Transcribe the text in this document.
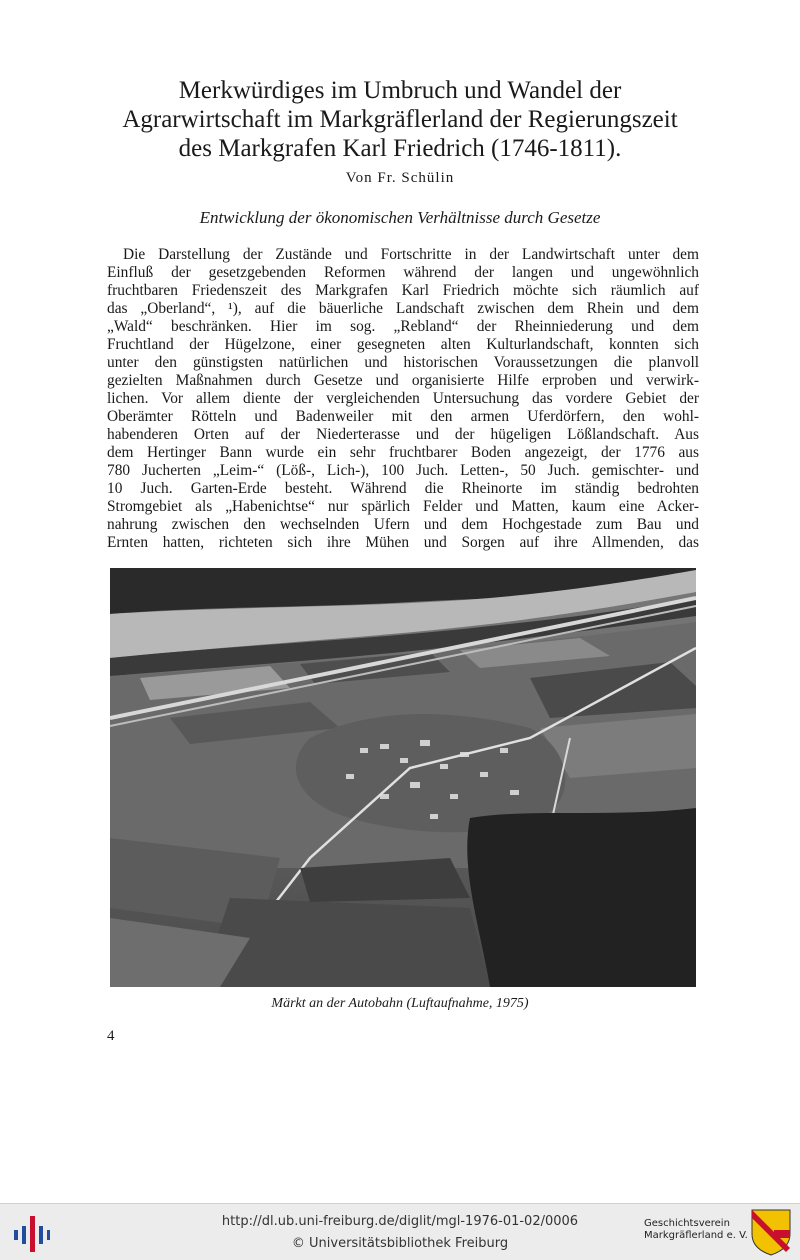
Merkwürdiges im Umbruch und Wandel der
Agrarwirtschaft im Markgräflerland der Regierungszeit
des Markgrafen Karl Friedrich (1746-1811).
Von Fr. Schülin
Entwicklung der ökonomischen Verhältnisse durch Gesetze
Die Darstellung der Zustände und Fortschritte in der Landwirtschaft unter dem
Einfluß der gesetzgebenden Reformen während der langen und ungewöhnlich
fruchtbaren Friedenszeit des Markgrafen Karl Friedrich möchte sich räumlich auf
das „Oberland“, ¹), auf die bäuerliche Landschaft zwischen dem Rhein und dem
„Wald“ beschränken. Hier im sog. „Rebland“ der Rheinniederung und dem
Fruchtland der Hügelzone, einer gesegneten alten Kulturlandschaft, konnten sich
unter den günstigsten natürlichen und historischen Voraussetzungen die planvoll
gezielten Maßnahmen durch Gesetze und organisierte Hilfe erproben und verwirk-
lichen. Vor allem diente der vergleichenden Untersuchung das vordere Gebiet der
Oberämter Rötteln und Badenweiler mit den armen Uferdörfern, den wohl-
habenderen Orten auf der Niederterasse und der hügeligen Lößlandschaft. Aus
dem Hertinger Bann wurde ein sehr fruchtbarer Boden angezeigt, der 1776 aus
780 Jucherten „Leim-“ (Löß-, Lich-), 100 Juch. Letten-, 50 Juch. gemischter- und
10 Juch. Garten-Erde besteht. Während die Rheinorte im ständig bedrohten
Stromgebiet als „Habenichtse“ nur spärlich Felder und Matten, kaum eine Acker-
nahrung zwischen den wechselnden Ufern und dem Hochgestade zum Bau und
Ernten hatten, richteten sich ihre Mühen und Sorgen auf ihre Allmenden, das
Märkt an der Autobahn (Luftaufnahme, 1975)
4
http://dl.ub.uni-freiburg.de/diglit/mgl-1976-01-02/0006
© Universitätsbibliothek Freiburg
Geschichtsverein
Markgräflerland e. V.
